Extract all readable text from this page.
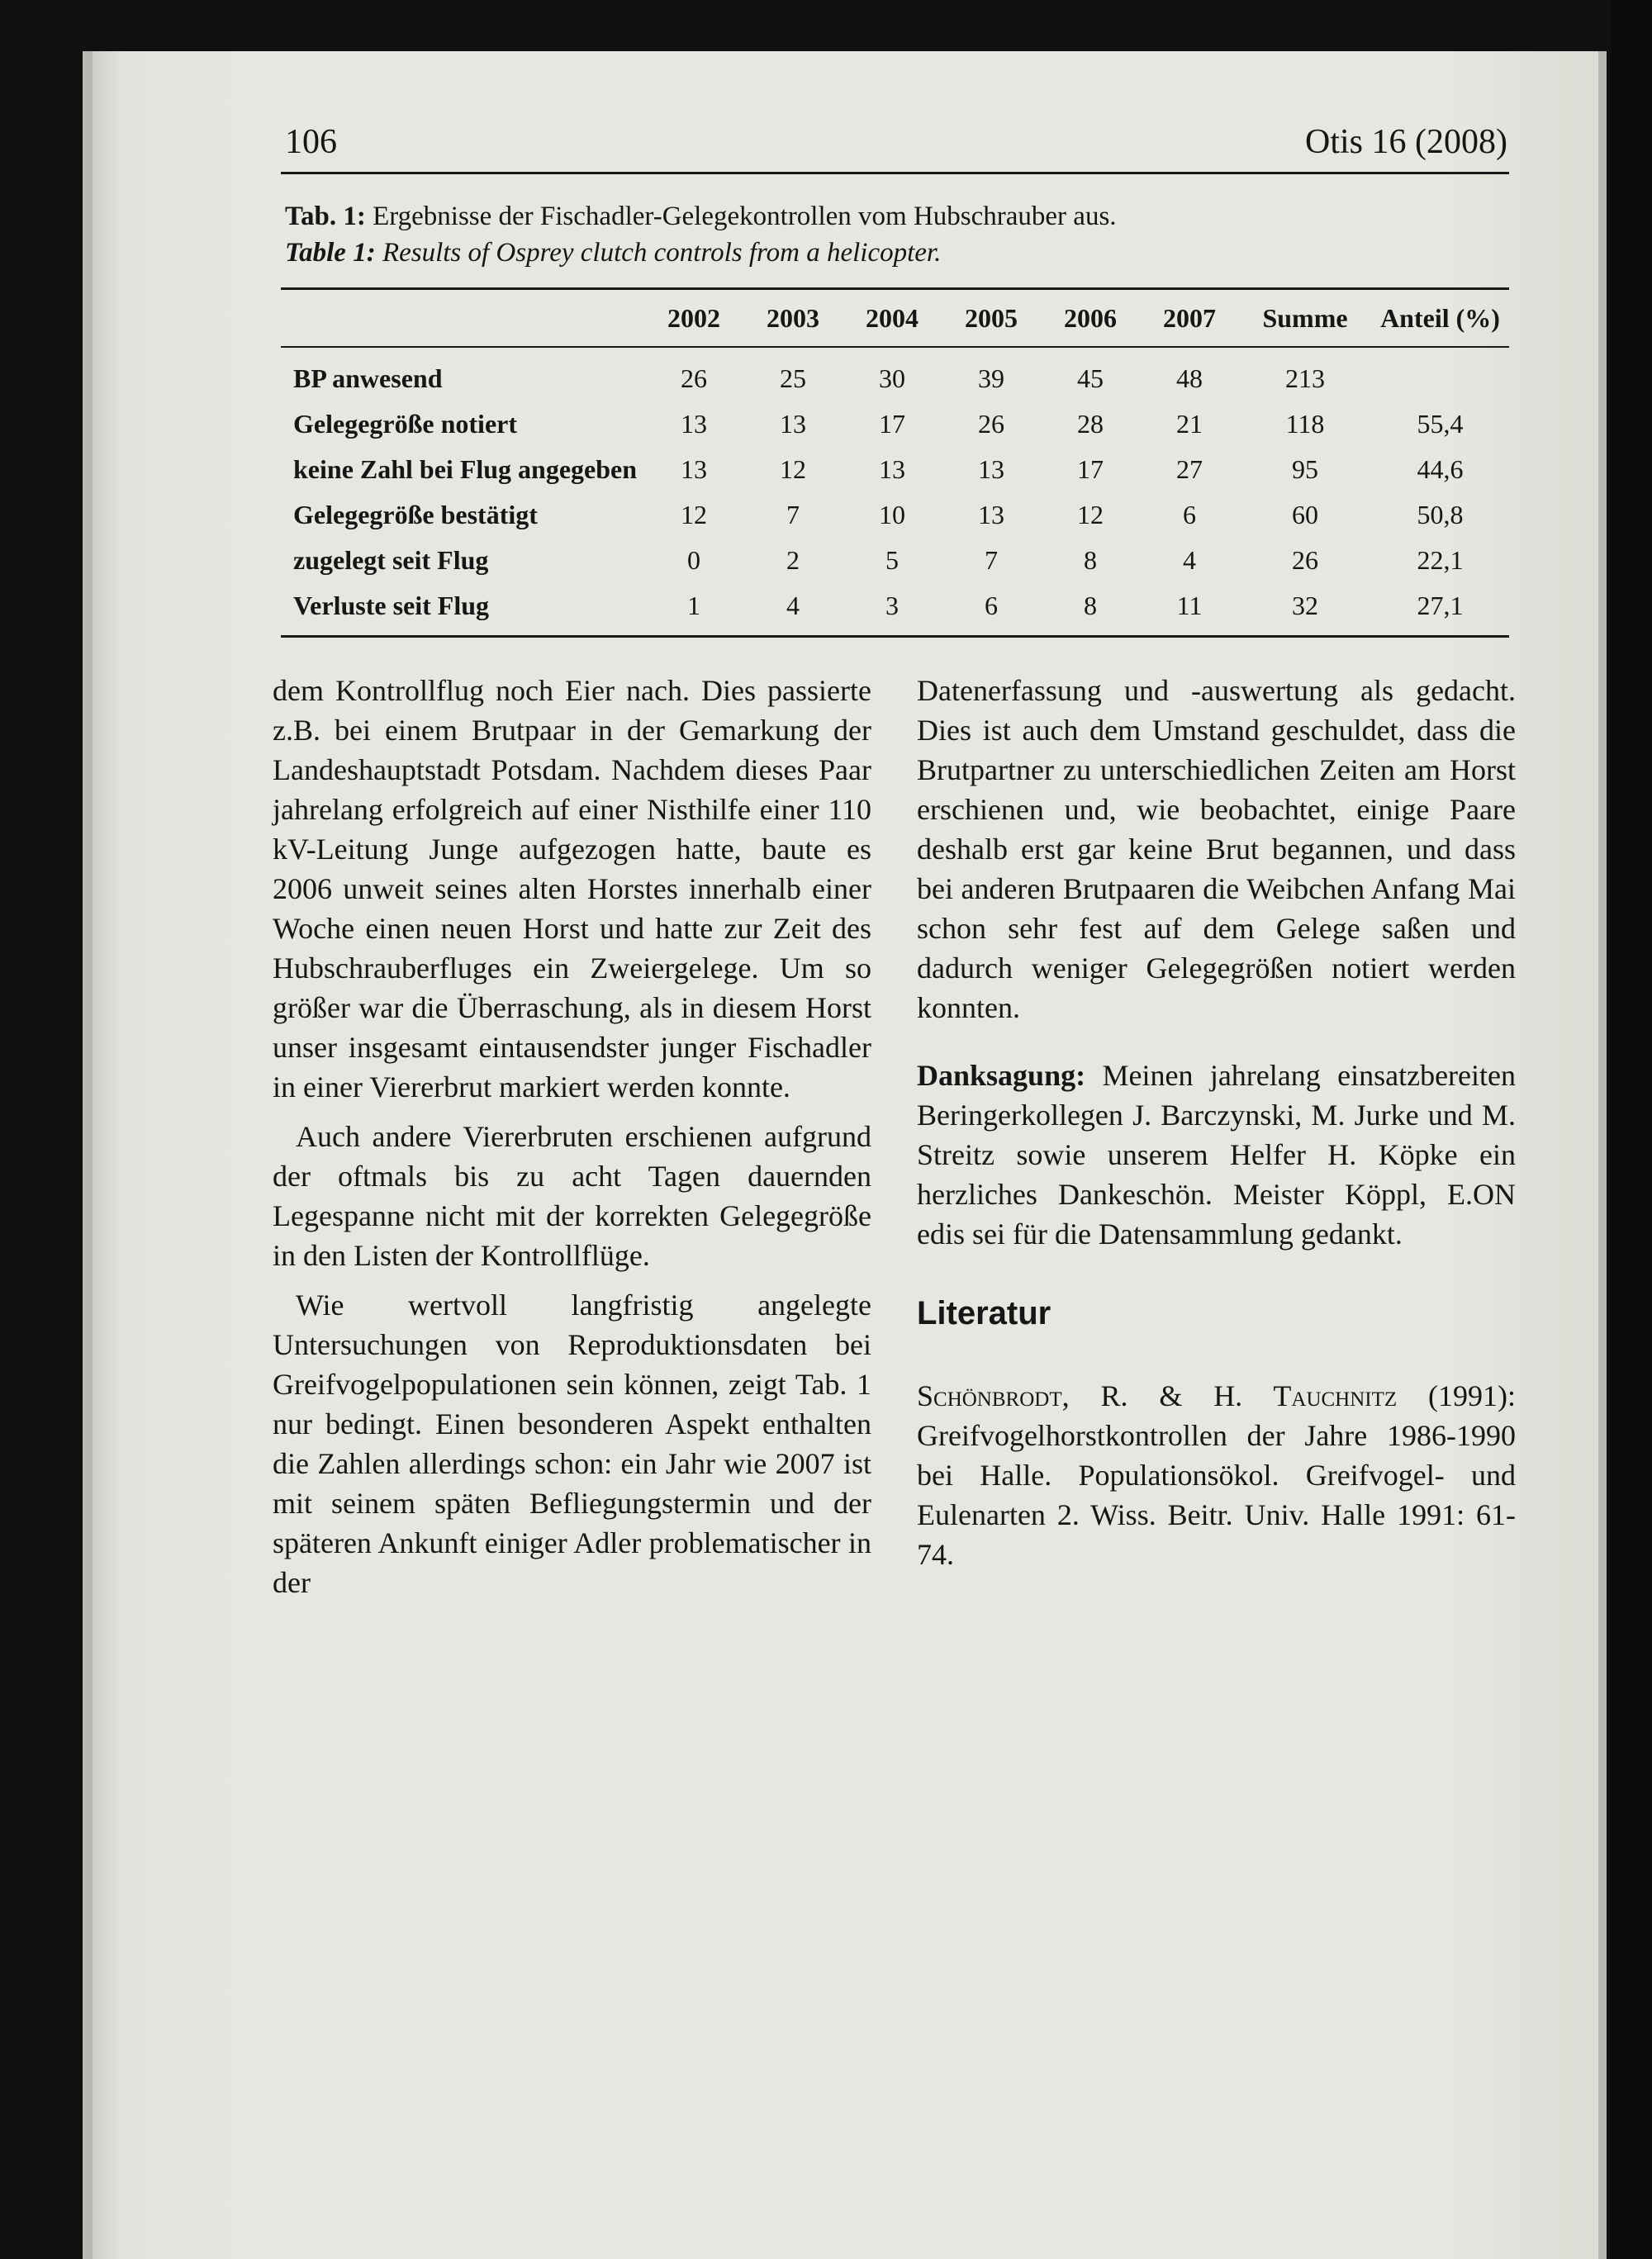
106	Otis 16 (2008)
Tab. 1: Ergebnisse der Fischadler-Gelegekontrollen vom Hubschrauber aus.
Table 1: Results of Osprey clutch controls from a helicopter.
	2002	2003	2004	2005	2006	2007	Summe	Anteil (%)
BP anwesend	26	25	30	39	45	48	213	
Gelegegröße notiert	13	13	17	26	28	21	118	55,4
keine Zahl bei Flug angegeben	13	12	13	13	17	27	95	44,6
Gelegegröße bestätigt	12	7	10	13	12	6	60	50,8
zugelegt seit Flug	0	2	5	7	8	4	26	22,1
Verluste seit Flug	1	4	3	6	8	11	32	27,1

dem Kontrollflug noch Eier nach. Dies passierte z.B. bei einem Brutpaar in der Gemarkung der Landeshauptstadt Potsdam. Nachdem dieses Paar jahrelang erfolgreich auf einer Nisthilfe einer 110 kV-Leitung Junge aufgezogen hatte, baute es 2006 unweit seines alten Horstes innerhalb einer Woche einen neuen Horst und hatte zur Zeit des Hubschrauberfluges ein Zweiergelege. Um so größer war die Überraschung, als in diesem Horst unser insgesamt eintausendster junger Fischadler in einer Viererbrut markiert werden konnte.

Auch andere Viererbruten erschienen aufgrund der oftmals bis zu acht Tagen dauernden Legespanne nicht mit der korrekten Gelegegröße in den Listen der Kontrollflüge.

Wie wertvoll langfristig angelegte Untersuchungen von Reproduktionsdaten bei Greifvogelpopulationen sein können, zeigt Tab. 1 nur bedingt. Einen besonderen Aspekt enthalten die Zahlen allerdings schon: ein Jahr wie 2007 ist mit seinem späten Befliegungstermin und der späteren Ankunft einiger Adler problematischer in der

Datenerfassung und -auswertung als gedacht. Dies ist auch dem Umstand geschuldet, dass die Brutpartner zu unterschiedlichen Zeiten am Horst erschienen und, wie beobachtet, einige Paare deshalb erst gar keine Brut begannen, und dass bei anderen Brutpaaren die Weibchen Anfang Mai schon sehr fest auf dem Gelege saßen und dadurch weniger Gelegegrößen notiert werden konnten.

Danksagung: Meinen jahrelang einsatzbereiten Beringerkollegen J. Barczynski, M. Jurke und M. Streitz sowie unserem Helfer H. Köpke ein herzliches Dankeschön. Meister Köppl, E.ON edis sei für die Datensammlung gedankt.

Literatur
Schönbrodt, R. & H. Tauchnitz (1991): Greifvogelhorstkontrollen der Jahre 1986-1990 bei Halle. Populationsökol. Greifvogel- und Eulenarten 2. Wiss. Beitr. Univ. Halle 1991: 61-74.
